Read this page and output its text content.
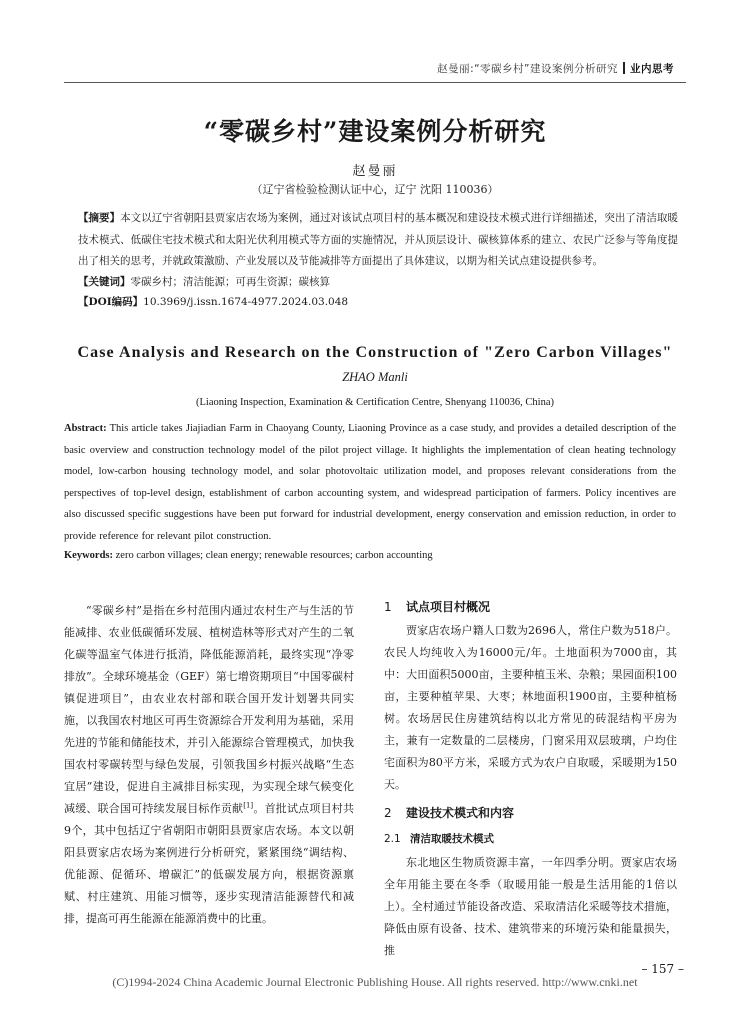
赵曼丽:“零碳乡村”建设案例分析研究 业内思考
“零碳乡村”建设案例分析研究
赵曼丽
（辽宁省检验检测认证中心，辽宁 沈阳 110036）
【摘要】本文以辽宁省朝阳县贾家店农场为案例，通过对该试点项目村的基本概况和建设技术模式进行详细描述，突出了清洁取暖技术模式、低碳住宅技术模式和太阳光伏利用模式等方面的实施情况，并从顶层设计、碳核算体系的建立、农民广泛参与等角度提出了相关的思考，并就政策激励、产业发展以及节能减排等方面提出了具体建议，以期为相关试点建设提供参考。
【关键词】零碳乡村；清洁能源；可再生资源；碳核算
【DOI编码】10.3969/j.issn.1674-4977.2024.03.048
Case Analysis and Research on the Construction of "Zero Carbon Villages"
ZHAO Manli
(Liaoning Inspection, Examination & Certification Centre, Shenyang 110036, China)
Abstract: This article takes Jiajiadian Farm in Chaoyang County, Liaoning Province as a case study, and provides a detailed description of the basic overview and construction technology model of the pilot project village. It highlights the implementation of clean heating technology model, low-carbon housing technology model, and solar photovoltaic utilization model, and proposes relevant considerations from the perspectives of top-level design, establishment of carbon accounting system, and widespread participation of farmers. Policy incentives are also discussed specific suggestions have been put forward for industrial development, energy conservation and emission reduction, in order to provide reference for relevant pilot construction.
Keywords: zero carbon villages; clean energy; renewable resources; carbon accounting

“零碳乡村”是指在乡村范围内通过农村生产与生活的节能减排、农业低碳循环发展、植树造林等形式对产生的二氧化碳等温室气体进行抵消，降低能源消耗，最终实现“净零排放”。全球环境基金（GEF）第七增资期项目“中国零碳村镇促进项目”，由农业农村部和联合国开发计划署共同实施，以我国农村地区可再生资源综合开发利用为基础，采用先进的节能和储能技术，并引入能源综合管理模式，加快我国农村零碳转型与绿色发展，引领我国乡村振兴战略“生态宜居”建设，促进自主减排目标实现，为实现全球气候变化减缓、联合国可持续发展目标作贡献[1]。首批试点项目村共9个，其中包括辽宁省朝阳市朝阳县贾家店农场。本文以朝阳县贾家店农场为案例进行分析研究，紧紧围绕“调结构、优能源、促循环、增碳汇”的低碳发展方向，根据资源禀赋、村庄建筑、用能习惯等，逐步实现清洁能源替代和减排，提高可再生能源在能源消费中的比重。

1 试点项目村概况

贾家店农场户籍人口数为2696人，常住户数为518户。农民人均纯收入为16000元/年。土地面积为7000亩，其中：大田面积5000亩，主要种植玉米、杂粮；果园面积100亩，主要种植苹果、大枣；林地面积1900亩，主要种植杨树。农场居民住房建筑结构以北方常见的砖混结构平房为主，兼有一定数量的二层楼房，门窗采用双层玻璃，户均住宅面积为80平方米，采暖方式为农户自取暖，采暖期为150天。

2 建设技术模式和内容
2.1 清洁取暖技术模式

东北地区生物质资源丰富，一年四季分明。贾家店农场全年用能主要在冬季（取暖用能一般是生活用能的1倍以上）。全村通过节能设备改造、采取清洁化采暖等技术措施，降低由原有设备、技术、建筑带来的环境污染和能量损失，推

– 157 –
(C)1994-2024 China Academic Journal Electronic Publishing House. All rights reserved. http://www.cnki.net
